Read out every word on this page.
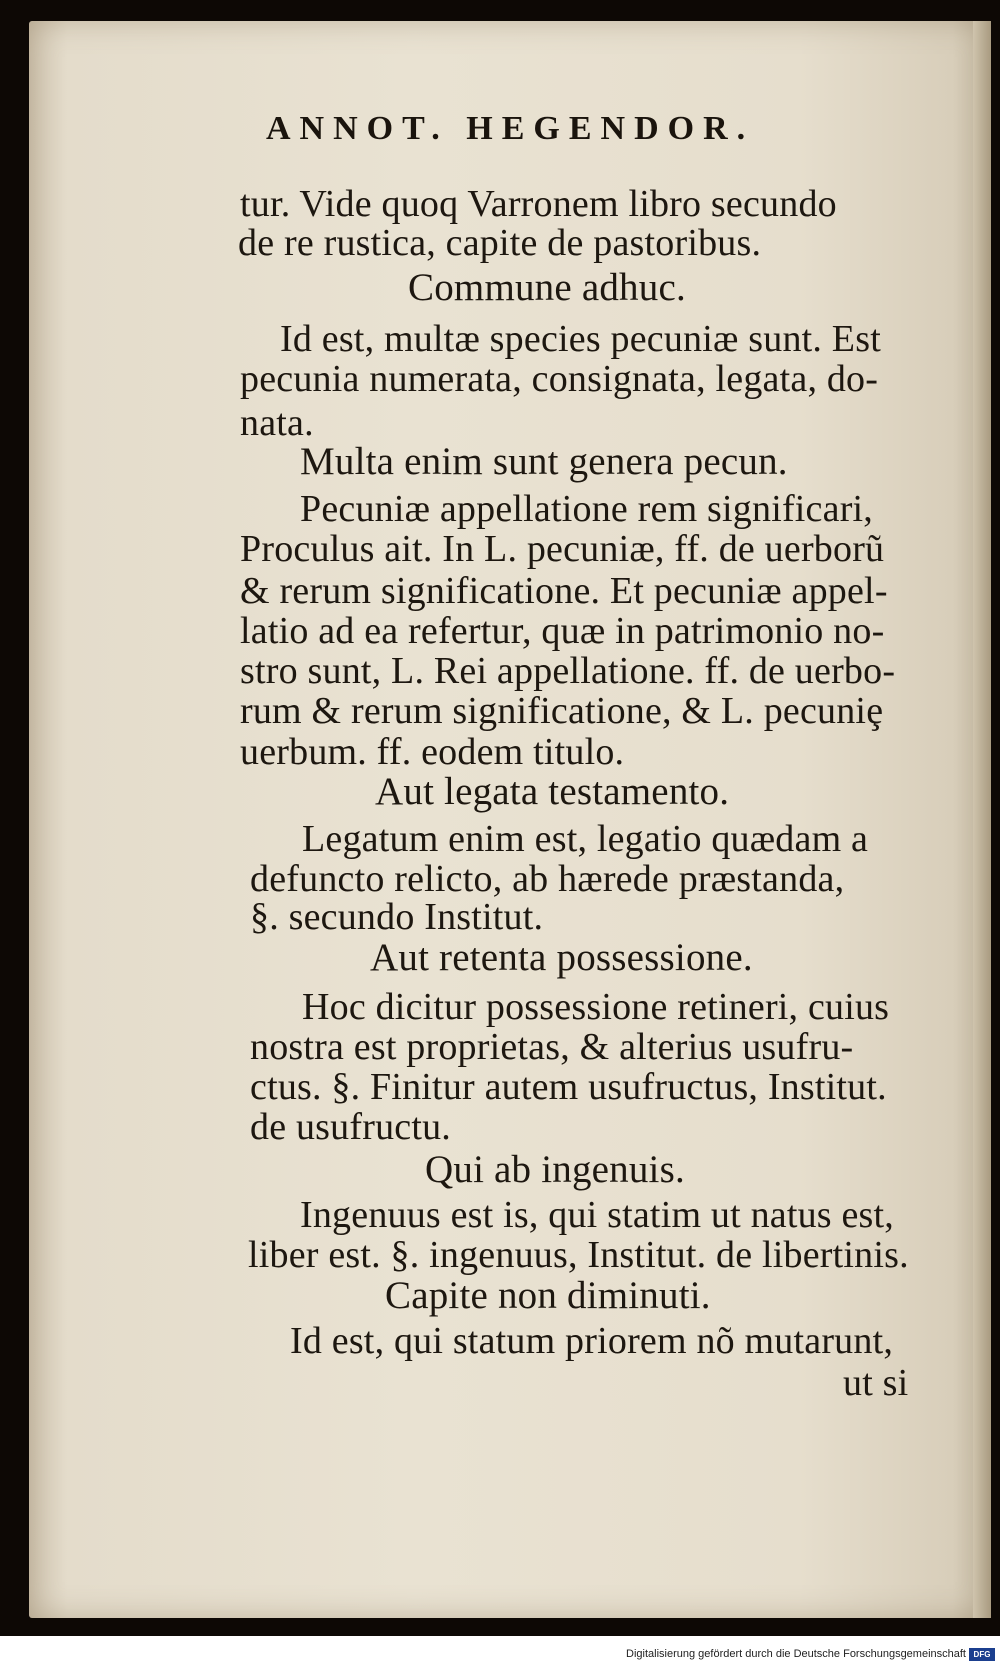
ANNOT. HEGENDOR.
tur. Vide quoq Varronem libro secundo
de re rustica, capite de pastoribus.
Commune adhuc.
Id est, multæ species pecuniæ sunt. Est
pecunia numerata, consignata, legata, do-
nata.
Multa enim sunt genera pecun.
Pecuniæ appellatione rem significari,
Proculus ait. In L. pecuniæ, ff. de uerborũ
& rerum significatione. Et pecuniæ appel-
latio ad ea refertur, quæ in patrimonio no-
stro sunt, L. Rei appellatione. ff. de uerbo-
rum & rerum significatione, & L. pecuniȩ
uerbum. ff. eodem titulo.
Aut legata testamento.
Legatum enim est, legatio quædam a
defuncto relicto, ab hærede præstanda,
§. secundo Institut.
Aut retenta possessione.
Hoc dicitur possessione retineri, cuius
nostra est proprietas, & alterius usufru-
ctus. §. Finitur autem usufructus, Institut.
de usufructu.
Qui ab ingenuis.
Ingenuus est is, qui statim ut natus est,
liber est. §. ingenuus, Institut. de libertinis.
Capite non diminuti.
Id est, qui statum priorem nõ mutarunt,
ut si
Digitalisierung gefördert durch die Deutsche Forschungsgemeinschaft DFG
